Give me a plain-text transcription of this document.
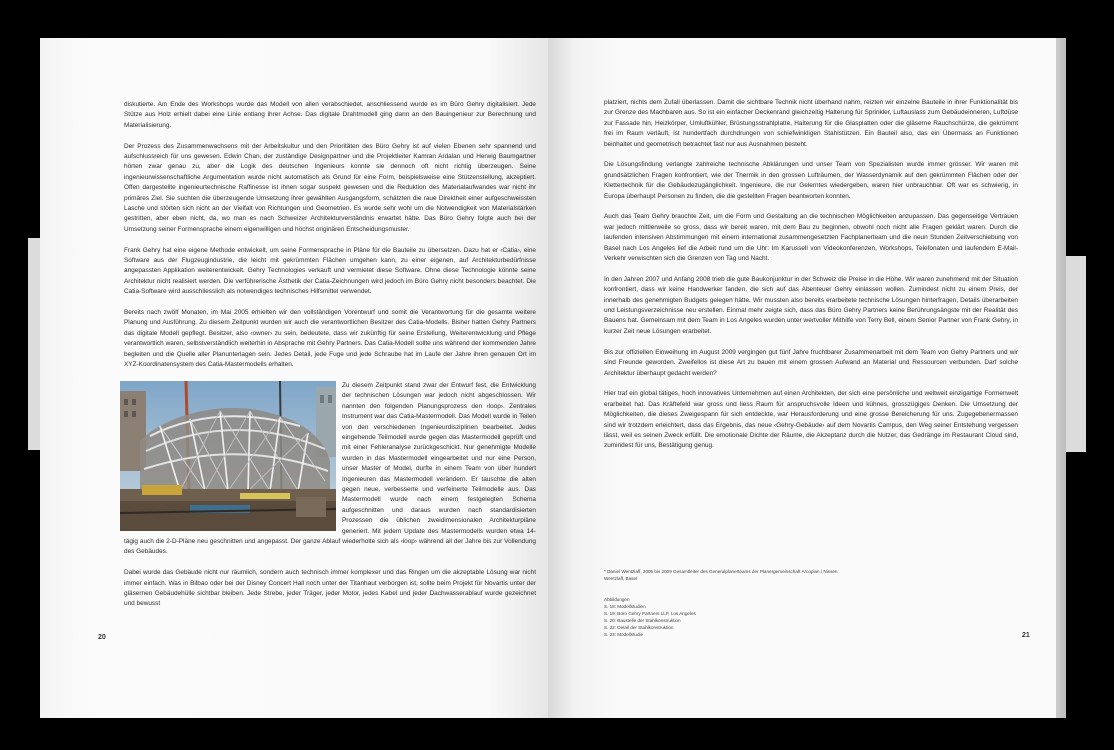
diskutierte. Am Ende des Workshops wurde das Modell von allen verabschiedet, anschliessend wurde es im Büro Gehry digitalisiert. Jede Stütze aus Holz erhielt dabei eine Linie entlang ihrer Achse. Das digitale Drahtmodell ging dann an den Bauingenieur zur Berechnung und Materialisierung.

Der Prozess des Zusammenwachsens mit der Arbeitskultur und den Prioritäten des Büro Gehry ist auf vielen Ebenen sehr spannend und aufschlussreich für uns gewesen. Edwin Chan, der zuständige Designpartner und die Projektleiter Kamran Ardalan und Herwig Baumgartner hörten zwar genau zu, aber die Logik des deutschen Ingenieurs konnte sie dennoch oft nicht richtig überzeugen. Seine ingenieurwissenschaftliche Argumentation wurde nicht automatisch als Grund für eine Form, beispielsweise eine Stützenstellung, akzeptiert. Offen dargestellte ingenieurtechnische Raffinesse ist ihnen sogar suspekt gewesen und die Reduktion des Materialaufwandes war nicht ihr primäres Ziel. Sie suchten die überzeugende Umsetzung ihrer gewählten Ausgangsform, schätzten die raue Direktheit einer aufgeschweissten Lasche und störten sich nicht an der Vielfalt von Richtungen und Geometrien. Es wurde sehr wohl um die Notwendigkeit von Materialstärken gestritten, aber eben nicht, da, wo man es nach Schweizer Architekturverständnis erwartet hätte. Das Büro Gehry folgte auch bei der Umsetzung seiner Formensprache einem eigenwilligen und höchst originären Entscheidungsmuster.

Frank Gehry hat eine eigene Methode entwickelt, um seine Formensprache in Pläne für die Bauteile zu übersetzen. Dazu hat er ‹Catia›, eine Software aus der Flugzeugindustrie, die leicht mit gekrümmten Flächen umgehen kann, zu einer eigenen, auf Architekturbedürfnisse angepassten Applikation weiterentwickelt. Gehry Technologies verkauft und vermietet diese Software. Ohne diese Technologie könnte seine Architektur nicht realisiert werden. Die verführerische Ästhetik der Catia-Zeichnungen wird jedoch im Büro Gehry nicht besonders beachtet. Die Catia-Software wird ausschliesslich als notwendiges technisches Hilfsmittel verwendet.

Bereits nach zwölf Monaten, im Mai 2005 erhielten wir den vollständigen Vorentwurf und somit die Verantwortung für die gesamte weitere Planung und Ausführung. Zu diesem Zeitpunkt wurden wir auch die verantwortlichen Besitzer des Catia-Modells. Bisher hatten Gehry Partners das digitale Modell gepflegt. Besitzer, also ‹owner› zu sein, bedeutete, dass wir zukünftig für seine Erstellung, Weiterentwicklung und Pflege verantwortlich waren, selbstverständlich weiterhin in Absprache mit Gehry Partners. Das Catia-Modell sollte uns während der kommenden Jahre begleiten und die Quelle aller Planunterlagen sein. Jedes Detail, jede Fuge und jede Schraube hat im Laufe der Jahre ihren genauen Ort im XYZ-Koordinatensystem des Catia-Mastermodells erhalten.

Zu diesem Zeitpunkt stand zwar der Entwurf fest, die Entwicklung der technischen Lösungen war jedoch nicht abgeschlossen. Wir nannten den folgenden Planungsprozess den ‹loop›. Zentrales Instrument war das Catia-Mastermodell. Das Modell wurde in Teilen von den verschiedenen Ingenieurdisziplinen bearbeitet. Jedes eingehende Teilmodell wurde gegen das Mastermodell geprüft und mit einer Fehleranalyse zurückgeschickt. Nur genehmigte Modelle wurden in das Mastermodell eingearbeitet und nur eine Person, unser Master of Model, durfte in einem Team von über hundert Ingenieuren das Mastermodell verändern. Er tauschte die alten gegen neue, verbesserte und verfeinerte Teilmodelle aus. Das Mastermodell wurde nach einem festgelegten Schema aufgeschnitten und daraus wurden nach standardisierten Prozessen die üblichen zweidimensionalen Architekturpläne generiert. Mit jedem Update des Mastermodells wurden etwa 14-tägig auch die 2-D-Pläne neu geschnitten und angepasst. Der ganze Ablauf wiederholte sich als ‹loop› während all der Jahre bis zur Vollendung des Gebäudes.

Dabei wurde das Gebäude nicht nur räumlich, sondern auch technisch immer komplexer und das Ringen um die akzeptable Lösung war nicht immer einfach. Was in Bilbao oder bei der Disney Concert Hall noch unter der Titanhaut verborgen ist, sollte beim Projekt für Novartis unter der gläsernen Gebäudehülle sichtbar bleiben. Jede Strebe, jeder Träger, jeder Motor, jedes Kabel und jeder Dachwasserablauf wurde gezeichnet und bewusst

20

platziert, nichts dem Zufall überlassen. Damit die sichtbare Technik nicht überhand nahm, reizten wir einzelne Bauteile in ihrer Funktionalität bis zur Grenze des Machbaren aus. So ist ein einfacher Deckenrand gleichzeitig Halterung für Sprinkler, Luftauslass zum Gebäudeinneren, Luftdüse zur Fassade hin, Heizkörper, Umluftkühler, Brüstungsstrahlplatte, Halterung für die Glasplatten oder die gläserne Rauchschürze, die gekrümmt frei im Raum verläuft, ist hundertfach durchdrungen von schiefwinkligen Stahlstützen. Ein Bauteil also, das ein Übermass an Funktionen beinhaltet und geometrisch betrachtet fast nur aus Ausnahmen besteht.

Die Lösungsfindung verlangte zahlreiche technische Abklärungen und unser Team von Spezialisten wurde immer grösser. Wir waren mit grundsätzlichen Fragen konfrontiert, wie der Thermik in den grossen Lufträumen, der Wasserdynamik auf den gekrümmten Flächen oder der Klettertechnik für die Gebäudezugänglichkeit. Ingenieure, die nur Gelerntes wiedergeben, waren hier unbrauchbar. Oft war es schwierig, in Europa überhaupt Personen zu finden, die die gestellten Fragen beantworten konnten.

Auch das Team Gehry brauchte Zeit, um die Form und Gestaltung an die technischen Möglichkeiten anzupassen. Das gegenseitige Vertrauen war jedoch mittlerweile so gross, dass wir bereit waren, mit dem Bau zu beginnen, obwohl noch nicht alle Fragen geklärt waren. Durch die laufenden intensiven Abstimmungen mit einem international zusammengesetzten Fachplanerteam und die neun Stunden Zeitverschiebung von Basel nach Los Angeles lief die Arbeit rund um die Uhr: Im Karussell von Videokonferenzen, Workshops, Telefonaten und laufendem E-Mail-Verkehr verwischten sich die Grenzen von Tag und Nacht.

In den Jahren 2007 und Anfang 2008 trieb die gute Baukonjunktur in der Schweiz die Preise in die Höhe. Wir waren zunehmend mit der Situation konfrontiert, dass wir keine Handwerker fanden, die sich auf das Abenteuer Gehry einlassen wollen. Zumindest nicht zu einem Preis, der innerhalb des genehmigten Budgets gelegen hätte. Wir mussten also bereits erarbeitete technische Lösungen hinterfragen, Details überarbeiten und Leistungsverzeichnisse neu erstellen. Einmal mehr zeigte sich, dass das Büro Gehry Partners keine Berührungsängste mit der Realität des Bauens hat. Gemeinsam mit dem Team in Los Angeles wurden unter wertvoller Mithilfe von Terry Bell, einem Senior Partner von Frank Gehry, in kurzer Zeit neue Lösungen erarbeitet.

Bis zur offiziellen Einweihung im August 2009 vergingen gut fünf Jahre fruchtbarer Zusammenarbeit mit dem Team von Gehry Partners und wir sind Freunde geworden. Zweifellos ist diese Art zu bauen mit einem grossen Aufwand an Material und Ressourcen verbunden. Darf solche Architektur überhaupt gedacht werden?

Hier traf ein global tätiges, hoch innovatives Unternehmen auf einen Architekten, der sich eine persönliche und weltweit einzigartige Formenwelt erarbeitet hat. Das Kräftefeld war gross und liess Raum für anspruchsvolle Ideen und kühnes, grosszügiges Denken. Die Umsetzung der Möglichkeiten, die dieses Zweigespann für sich entdeckte, war Herausforderung und eine grosse Bereicherung für uns. Zugegebenermassen sind wir trotzdem erleichtert, dass das Ergebnis, das neue ‹Gehry-Gebäude› auf dem Novartis Campus, den Weg seiner Entstehung vergessen lässt, weil es seinen Zweck erfüllt. Die emotionale Dichte der Räume, die Akzeptanz durch die Nutzer, das Gedränge im Restaurant Cloud sind, zumindest für uns, Bestätigung genug.

* Daniel Wentzlaff, 2005 bis 2009 Gesamtleiter des Generalplanerteams der Planergemeinschaft Arcoplan / Nissen Wentzlaff, Basel
Abbildungen
S. 18: Modellstudien
S. 19: Büro Gehry Partners LLP, Los Angeles
S. 20: Baustelle der Stahlkonstruktion
S. 22: Detail der Stahlkonstruktion
S. 23: Modellstudie	21
